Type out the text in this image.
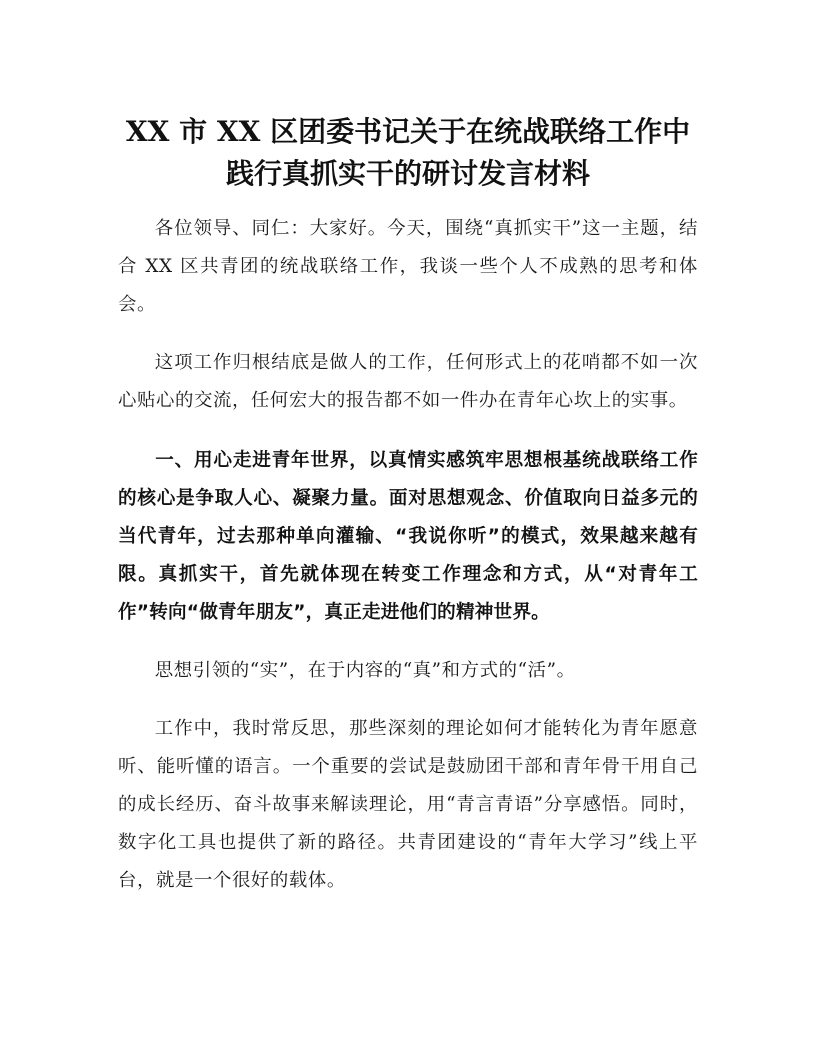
XX 市 XX 区团委书记关于在统战联络工作中
践行真抓实干的研讨发言材料

各位领导、同仁：大家好。今天，围绕“真抓实干”这一主题，结合 XX 区共青团的统战联络工作，我谈一些个人不成熟的思考和体会。

这项工作归根结底是做人的工作，任何形式上的花哨都不如一次心贴心的交流，任何宏大的报告都不如一件办在青年心坎上的实事。

一、用心走进青年世界，以真情实感筑牢思想根基统战联络工作的核心是争取人心、凝聚力量。面对思想观念、价值取向日益多元的当代青年，过去那种单向灌输、“我说你听”的模式，效果越来越有限。真抓实干，首先就体现在转变工作理念和方式，从“对青年工作”转向“做青年朋友”，真正走进他们的精神世界。

思想引领的“实”，在于内容的“真”和方式的“活”。

工作中，我时常反思，那些深刻的理论如何才能转化为青年愿意听、能听懂的语言。一个重要的尝试是鼓励团干部和青年骨干用自己的成长经历、奋斗故事来解读理论，用“青言青语”分享感悟。同时，数字化工具也提供了新的路径。共青团建设的“青年大学习”线上平台，就是一个很好的载体。
